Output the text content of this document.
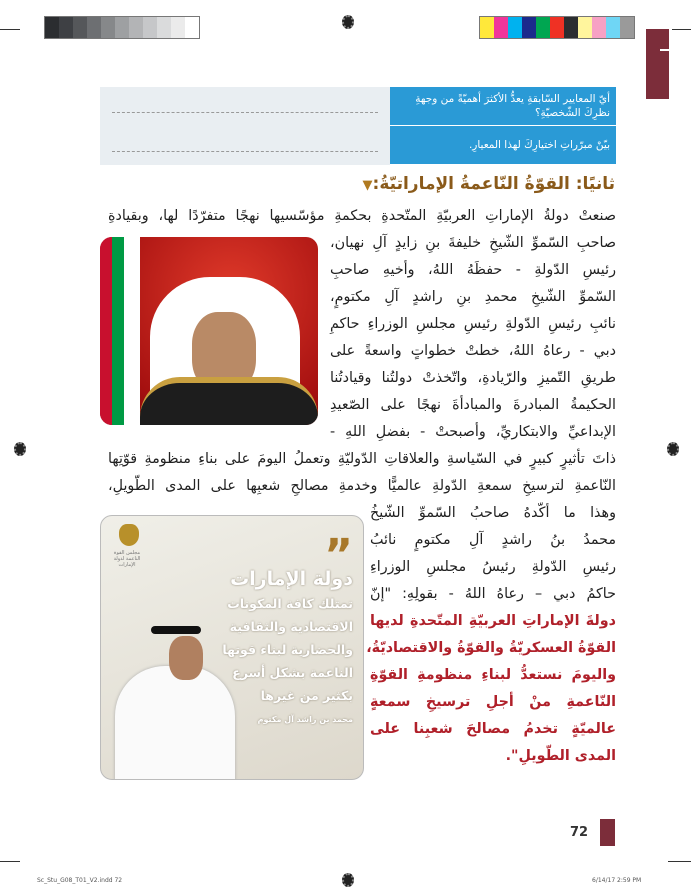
	أيّ المعايير السّابقةِ يعدُّ الأكثرَ أهميّةً من وجهةِ نظرِكَ الشّخصيّةِ؟

	بيّنْ مبرّراتِ اختيارِكَ لهذا المعيارِ.
ثانيًا: القوّةُ النّاعمةُ الإماراتيّةُ:▼
مجلس القوة الناعمة لدولة الإمارات	”
دولة الإمارات
تمتلك كافة المكونات
الاقتصادية والثقافية
والحضارية لبناء قوتها
الناعمة بشكل أسرع
بكثير من غيرها
محمد بن راشد آل مكتوم
صنعتْ دولةُ الإماراتِ العربيّةِ المتّحدةِ بحكمةِ مؤسّسيها نهجًا متفرّدًا لها، وبقيادةِ
صاحبِ السّموِّ الشّيخِ خليفةَ بنِ زايدٍ آلِ نهيان،
رئيسِ الدّولةِ - حفظَهُ اللهُ، وأخيهِ صاحبِ
السّموِّ الشّيخِ محمدِ بنِ راشدٍ آلِ مكتومٍ،
نائبِ رئيسِ الدّولةِ رئيسِ مجلسِ الوزراءِ حاكمِ
دبي - رعاهُ اللهُ، خطتْ خطواتٍ واسعةً على
طريقِ التّميزِ والرّيادةِ، واتّخذتْ دولتُنا وقيادتُنا
الحكيمةُ المبادرةَ والمبادأةَ نهجًا على الصّعيدِ
الإبداعيِّ والابتكاريِّ، وأصبحتْ - بفضلِ اللهِ -
ذاتَ تأثيرٍ كبيرٍ في السّياسةِ والعلاقاتِ الدّوليّةِ وتعملُ اليومَ على بناءِ منظومةِ قوّتِها
النّاعمةِ لترسيخِ سمعةِ الدّولةِ عالميًّا وخدمةِ مصالحِ شعبِها على المدى الطّويلِ،
وهذا ما أكّدهُ صاحبُ السّموِّ الشّيخُ
محمدُ بنُ راشدٍ آلِ مكتومٍ نائبُ
رئيسِ الدّولةِ رئيسُ مجلسِ الوزراءِ
حاكمُ دبي – رعاهُ اللهُ - بقولِهِ: "إنّ
دولةَ الإماراتِ العربيّةِ المتّحدةِ لديها
القوّةُ العسكريّةُ والقوّةُ والاقتصاديّةُ،
واليومَ نستعدُّ لبناءِ منظومةِ القوّةِ
النّاعمةِ منْ أجلِ ترسيخِ سمعةٍ
عالميّةٍ تخدمُ مصالحَ شعبِنا على
المدى الطّويلِ".
72
Sc_Stu_G08_T01_V2.indd 72	6/14/17 2:59 PM
